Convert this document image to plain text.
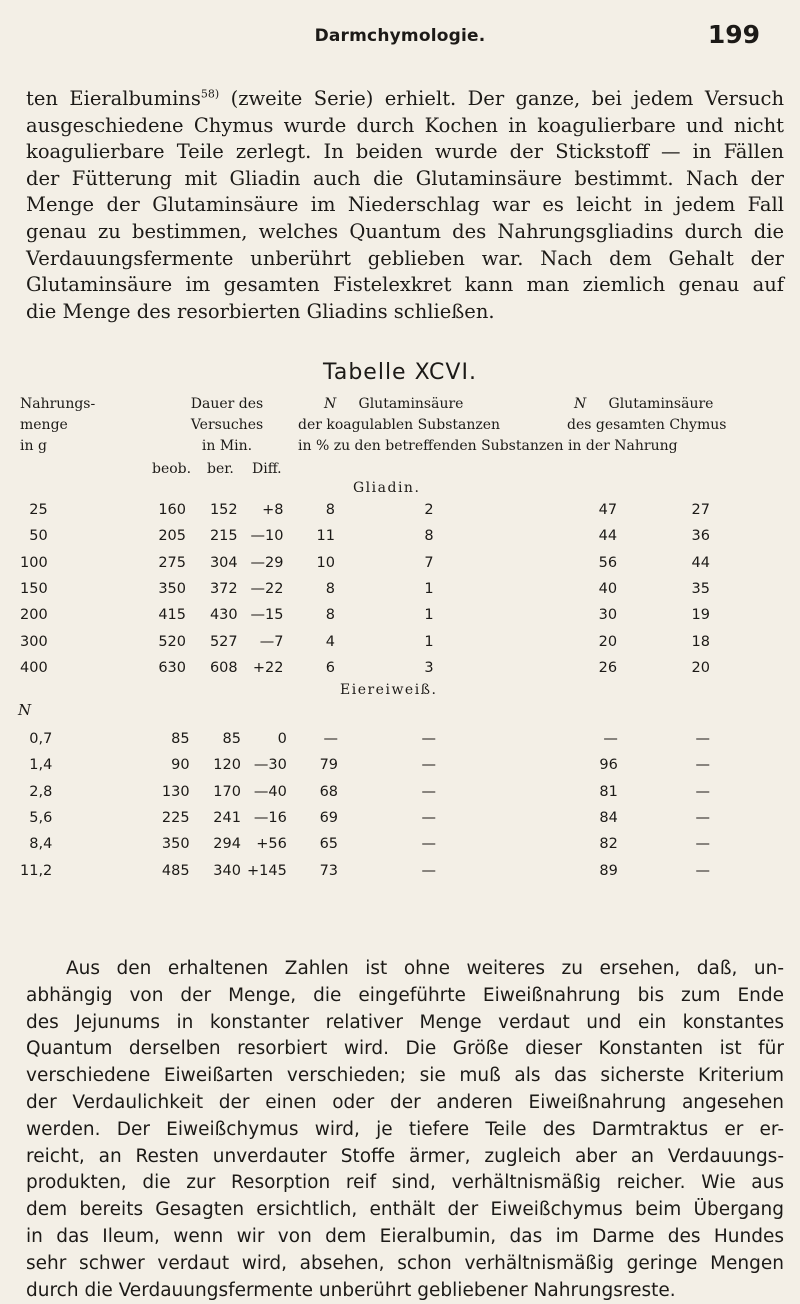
Darmchymologie.	199
ten Eieralbumins$^{58)}$ (zweite Serie) erhielt. Der ganze, bei jedem Versuch
ausgeschiedene Chymus wurde durch Kochen in koagulierbare und nicht
koagulierbare Teile zerlegt. In beiden wurde der Stickstoff — in Fällen
der Fütterung mit Gliadin auch die Glutaminsäure bestimmt. Nach der
Menge der Glutaminsäure im Niederschlag war es leicht in jedem Fall
genau zu bestimmen, welches Quantum des Nahrungsgliadins durch die
Verdauungsfermente unberührt geblieben war. Nach dem Gehalt der
Glutaminsäure im gesamten Fistelexkret kann man ziemlich genau auf
die Menge des resorbierten Gliadins schließen.
Tabelle XCVI.
Nahrungs-
menge
in g
Dauer des
Versuches
in Min.
beob. ber. Diff.
N Glutaminsäure
der koagulablen Substanzen
in % zu den betreffenden Substanzen in der Nahrung
N Glutaminsäure
des gesamten Chymus
Gliadin.
25	160	152	+8	8	2	47	27
50	205	215	—10	11	8	44	36
100	275	304	—29	10	7	56	44
150	350	372	—22	8	1	40	35
200	415	430	—15	8	1	30	19
300	520	527	—7	4	1	20	18
400	630	608	+22	6	3	26	20
Eiereiweiß.
N
0,7	85	85	0	—	—	—	—
1,4	90	120	—30	79	—	96	—
2,8	130	170	—40	68	—	81	—
5,6	225	241	—16	69	—	84	—
8,4	350	294	+56	65	—	82	—
11,2	485	340	+145	73	—	89	—
Aus den erhaltenen Zahlen ist ohne weiteres zu ersehen, daß, un-
abhängig von der Menge, die eingeführte Eiweißnahrung bis zum Ende
des Jejunums in konstanter relativer Menge verdaut und ein konstantes
Quantum derselben resorbiert wird. Die Größe dieser Konstanten ist für
verschiedene Eiweißarten verschieden; sie muß als das sicherste Kriterium
der Verdaulichkeit der einen oder der anderen Eiweißnahrung angesehen
werden. Der Eiweißchymus wird, je tiefere Teile des Darmtraktus er er-
reicht, an Resten unverdauter Stoffe ärmer, zugleich aber an Verdauungs-
produkten, die zur Resorption reif sind, verhältnismäßig reicher. Wie aus
dem bereits Gesagten ersichtlich, enthält der Eiweißchymus beim Übergang
in das Ileum, wenn wir von dem Eieralbumin, das im Darme des Hundes
sehr schwer verdaut wird, absehen, schon verhältnismäßig geringe Mengen
durch die Verdauungsfermente unberührt gebliebener Nahrungsreste.
